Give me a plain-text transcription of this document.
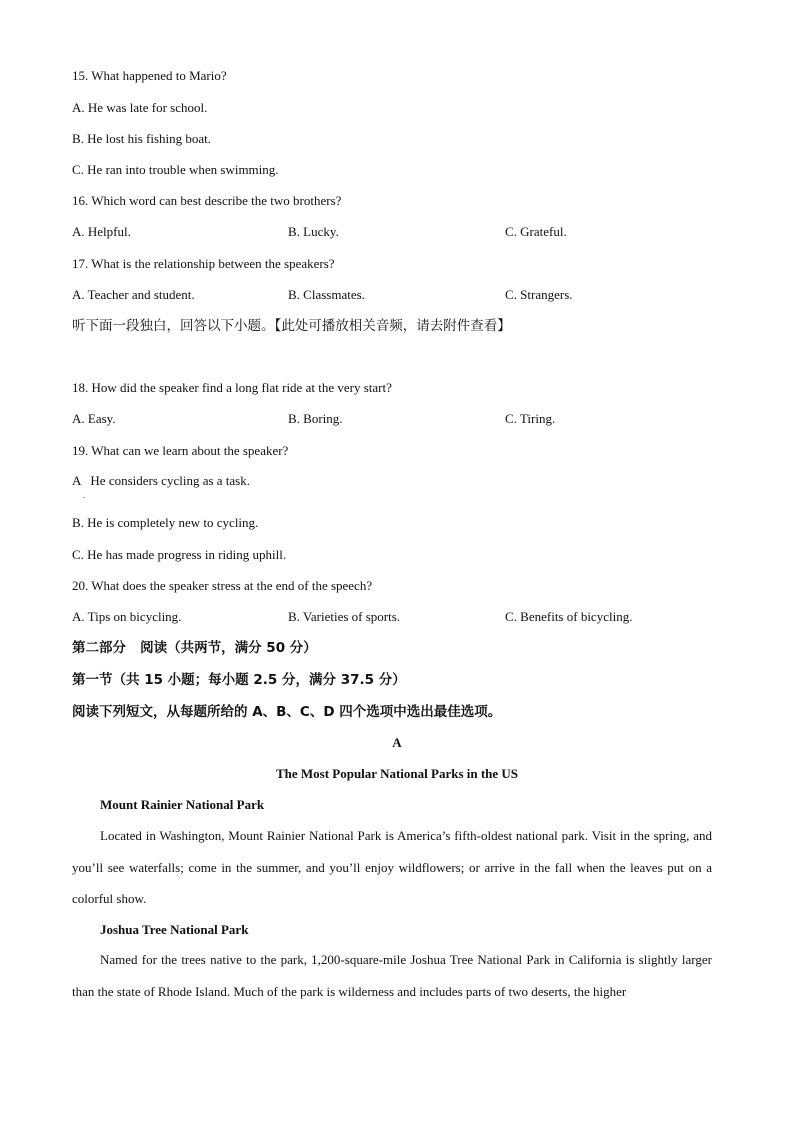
15. What happened to Mario?
A. He was late for school.
B. He lost his fishing boat.
C. He ran into trouble when swimming.
16. Which word can best describe the two brothers?
A. Helpful.	B. Lucky.	C. Grateful.
17. What is the relationship between the speakers?
A. Teacher and student.	B. Classmates.	C. Strangers.
听下面一段独白，回答以下小题。【此处可播放相关音频，请去附件查看】
18. How did the speaker find a long flat ride at the very start?
A. Easy.	B. Boring.	C. Tiring.
19. What can we learn about the speaker?
A   He considers cycling as a task.
.
B. He is completely new to cycling.
C. He has made progress in riding uphill.
20. What does the speaker stress at the end of the speech?
A. Tips on bicycling.	B. Varieties of sports.	C. Benefits of bicycling.
第二部分   阅读（共两节，满分 50 分）
第一节（共 15 小题；每小题 2.5 分，满分 37.5 分）
阅读下列短文，从每题所给的 A、B、C、D 四个选项中选出最佳选项。
A
The Most Popular National Parks in the US
Mount Rainier National Park
Located in Washington, Mount Rainier National Park is America’s fifth-oldest national park. Visit in the spring, and you’ll see waterfalls; come in the summer, and you’ll enjoy wildflowers; or arrive in the fall when the leaves put on a colorful show.
Joshua Tree National Park
Named for the trees native to the park, 1,200-square-mile Joshua Tree National Park in California is slightly larger than the state of Rhode Island. Much of the park is wilderness and includes parts of two deserts, the higher
